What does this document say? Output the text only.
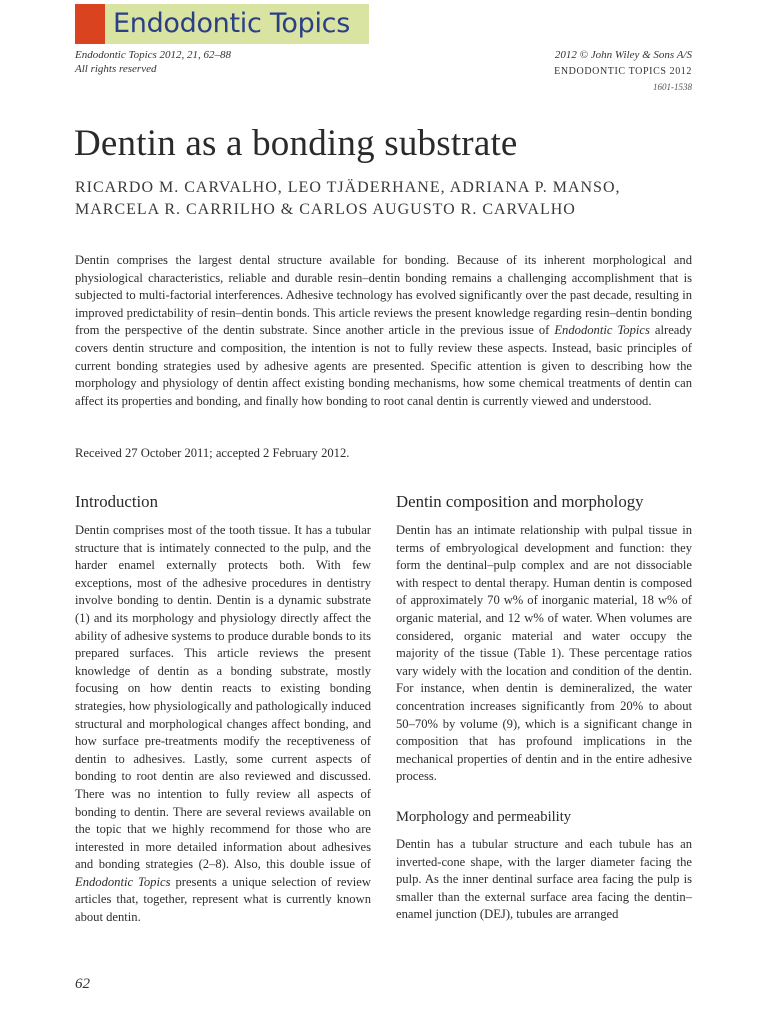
Endodontic Topics
Endodontic Topics 2012, 21, 62–88
All rights reserved
2012 © John Wiley & Sons A/S
ENDODONTIC TOPICS 2012
1601-1538
Dentin as a bonding substrate
RICARDO M. CARVALHO, LEO TJÄDERHANE, ADRIANA P. MANSO,
MARCELA R. CARRILHO & CARLOS AUGUSTO R. CARVALHO

Dentin comprises the largest dental structure available for bonding. Because of its inherent morphological and physiological characteristics, reliable and durable resin–dentin bonding remains a challenging accomplishment that is subjected to multi-factorial interferences. Adhesive technology has evolved significantly over the past decade, resulting in improved predictability of resin–dentin bonds. This article reviews the present knowledge regarding resin–dentin bonding from the perspective of the dentin substrate. Since another article in the previous issue of Endodontic Topics already covers dentin structure and composition, the intention is not to fully review these aspects. Instead, basic principles of current bonding strategies used by adhesive agents are presented. Specific attention is given to describing how the morphology and physiology of dentin affect existing bonding mechanisms, how some chemical treatments of dentin can affect its properties and bonding, and finally how bonding to root canal dentin is currently viewed and understood.

Received 27 October 2011; accepted 2 February 2012.
Introduction

Dentin comprises most of the tooth tissue. It has a tubular structure that is intimately connected to the pulp, and the harder enamel externally protects both. With few exceptions, most of the adhesive procedures in dentistry involve bonding to dentin. Dentin is a dynamic substrate (1) and its morphology and physiology directly affect the ability of adhesive systems to produce durable bonds to its prepared surfaces. This article reviews the present knowledge of dentin as a bonding substrate, mostly focusing on how dentin reacts to existing bonding strategies, how physiologically and pathologically induced structural and morphological changes affect bonding, and how surface pre-treatments modify the receptiveness of dentin to adhesives. Lastly, some current aspects of bonding to root dentin are also reviewed and discussed. There was no intention to fully review all aspects of bonding to dentin. There are several reviews available on the topic that we highly recommend for those who are interested in more detailed information about adhesives and bonding strategies (2–8). Also, this double issue of Endodontic Topics presents a unique selection of review articles that, together, represent what is currently known about dentin.

Dentin composition and morphology

Dentin has an intimate relationship with pulpal tissue in terms of embryological development and function: they form the dentinal–pulp complex and are not dissociable with respect to dental therapy. Human dentin is composed of approximately 70 w% of inorganic material, 18 w% of organic material, and 12 w% of water. When volumes are considered, organic material and water occupy the majority of the tissue (Table 1). These percentage ratios vary widely with the location and condition of the dentin. For instance, when dentin is demineralized, the water concentration increases significantly from 20% to about 50–70% by volume (9), which is a significant change in composition that has profound implications in the mechanical properties of dentin and in the entire adhesive process.

Morphology and permeability

Dentin has a tubular structure and each tubule has an inverted-cone shape, with the larger diameter facing the pulp. As the inner dentinal surface area facing the pulp is smaller than the external surface area facing the dentin–enamel junction (DEJ), tubules are arranged

62
